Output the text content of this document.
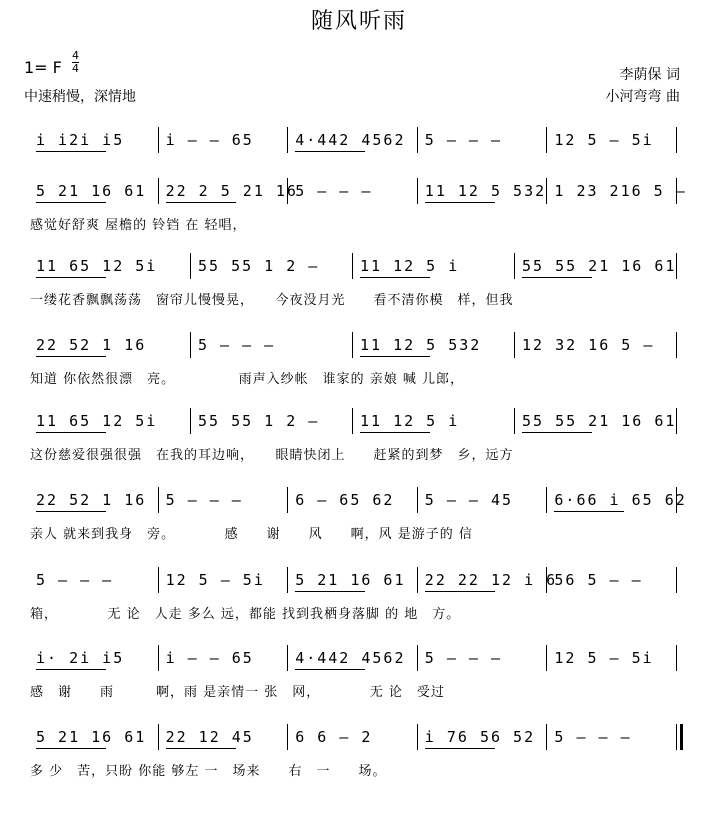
随风听雨
1= F
4
4
中速稍慢，深情地
李荫保 词
小河弯弯 曲
i i2i i5	i — — 65	4·442 4562	5 — — —	12 5 — 5i
5 21 16 61	22 2 5 21 16
5 — — —	11 12 5 532 1 23 216 5 —
感觉好舒爽 屋檐的 铃铛 在 轻唱，
11 65 12 5i	55 55 1 2 —	11 12 5 i	55 55 21 16 61
一缕花香飘飘荡荡　窗帘儿慢慢晃，　　今夜没月光　　看不清你模　样，但我
22 52 1 16	5 — — —	11 12 5 532	12 32 16 5 —
知道 你依然很漂　亮。　　　　　雨声入纱帐　谁家的 亲娘 喊 儿郎，
11 65 12 5i	55 55 1 2 —	11 12 5 i	55 55 21 16 61
这份慈爱很强很强　在我的耳边响，　　眼睛快闭上　　赶紧的到梦　乡，远方
22 52 1 16	5 — — —	6 — 65 62	5 — — 45	6·66 i 65 62
亲人 就来到我身　旁。　　　　感　　谢　　风　　啊，风 是游子的 信
5 — — —	12 5 — 5i	5 21 16 61	22 22 12 i 6
56 5 — —
箱，　　　　无 论　人走 多么 远，都能 找到我栖身落脚 的 地　方。
i· 2i i5	i — — 65	4·442 4562	5 — — —	12 5 — 5i
感　谢　　雨　　　啊，雨 是亲情一 张　网，　　　　无 论　受过
5 21 16 61	22 12 45	6 6 — 2	i 76 56 52	5 — — —
多 少　苦，只盼 你能 够左 一　场来　　右　一　　场。
